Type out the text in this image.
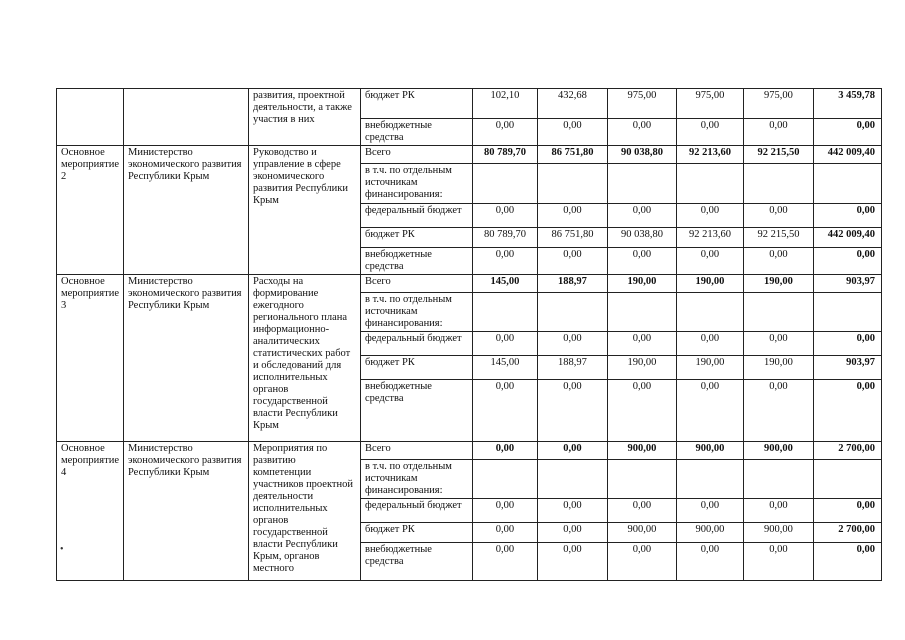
		развития, проектной деятельности, а также участия в них	бюджет РК	102,10	432,68	975,00	975,00	975,00	3 459,78
			внебюджетные средства	0,00	0,00	0,00	0,00	0,00	0,00
Основное мероприятие 2	Министерство экономического развития Республики Крым	Руководство и управление в сфере экономического развития Республики Крым	Всего	80 789,70	86 751,80	90 038,80	92 213,60	92 215,50	442 009,40
			в т.ч. по отдельным источникам финансирования:						
			федеральный бюджет	0,00	0,00	0,00	0,00	0,00	0,00
			бюджет РК	80 789,70	86 751,80	90 038,80	92 213,60	92 215,50	442 009,40
			внебюджетные средства	0,00	0,00	0,00	0,00	0,00	0,00
Основное мероприятие 3	Министерство экономического развития Республики Крым	Расходы на формирование ежегодного регионального плана информационно-аналитических статистических работ и обследований для исполнительных органов государственной власти Республики Крым	Всего	145,00	188,97	190,00	190,00	190,00	903,97
			в т.ч. по отдельным источникам финансирования:						
			федеральный бюджет	0,00	0,00	0,00	0,00	0,00	0,00
			бюджет РК	145,00	188,97	190,00	190,00	190,00	903,97
			внебюджетные средства	0,00	0,00	0,00	0,00	0,00	0,00
Основное мероприятие 4	Министерство экономического развития Республики Крым	Мероприятия по развитию компетенции участников проектной деятельности исполнительных органов государственной власти Республики Крым, органов местного	Всего	0,00	0,00	900,00	900,00	900,00	2 700,00
			в т.ч. по отдельным источникам финансирования:						
			федеральный бюджет	0,00	0,00	0,00	0,00	0,00	0,00
			бюджет РК	0,00	0,00	900,00	900,00	900,00	2 700,00
			внебюджетные средства	0,00	0,00	0,00	0,00	0,00	0,00
•
